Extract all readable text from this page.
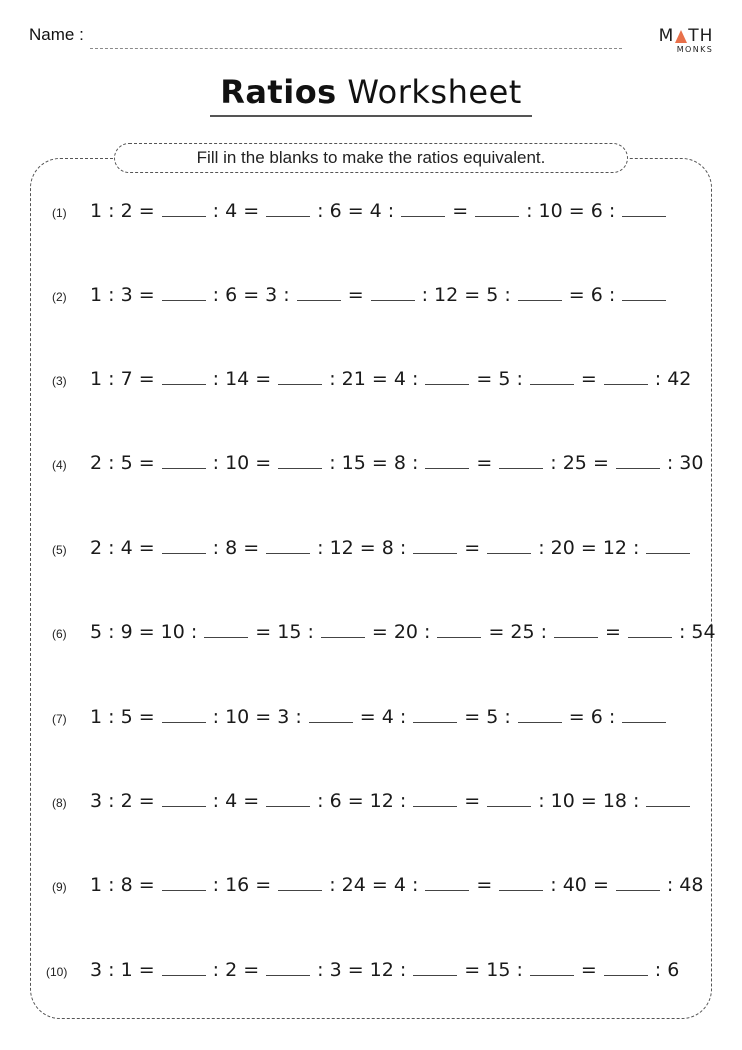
Name :	M TH
MONKS
Ratios Worksheet
Fill in the blanks to make the ratios equivalent.
(1)	1 : 2 =	: 4 =	: 6 = 4 :	=	: 10 = 6 :
(2)	1 : 3 =	: 6 = 3 :	=	: 12 = 5 :	= 6 :
(3)	1 : 7 =	: 14 =	: 21 = 4 :	= 5 :	=	: 42
(4)	2 : 5 =	: 10 =	: 15 = 8 :	=	: 25 =	: 30
(5)	2 : 4 =	: 8 =	: 12 = 8 :	=	: 20 = 12 :
(6)	5 : 9 = 10 :	= 15 :	= 20 :	= 25 :	=	: 54
(7)	1 : 5 =	: 10 = 3 :	= 4 :	= 5 :	= 6 :
(8)	3 : 2 =	: 4 =	: 6 = 12 :	=	: 10 = 18 :
(9)	1 : 8 =	: 16 =	: 24 = 4 :	=	: 40 =	: 48
(10)	3 : 1 =	: 2 =	: 3 = 12 :	= 15 :	=	: 6
